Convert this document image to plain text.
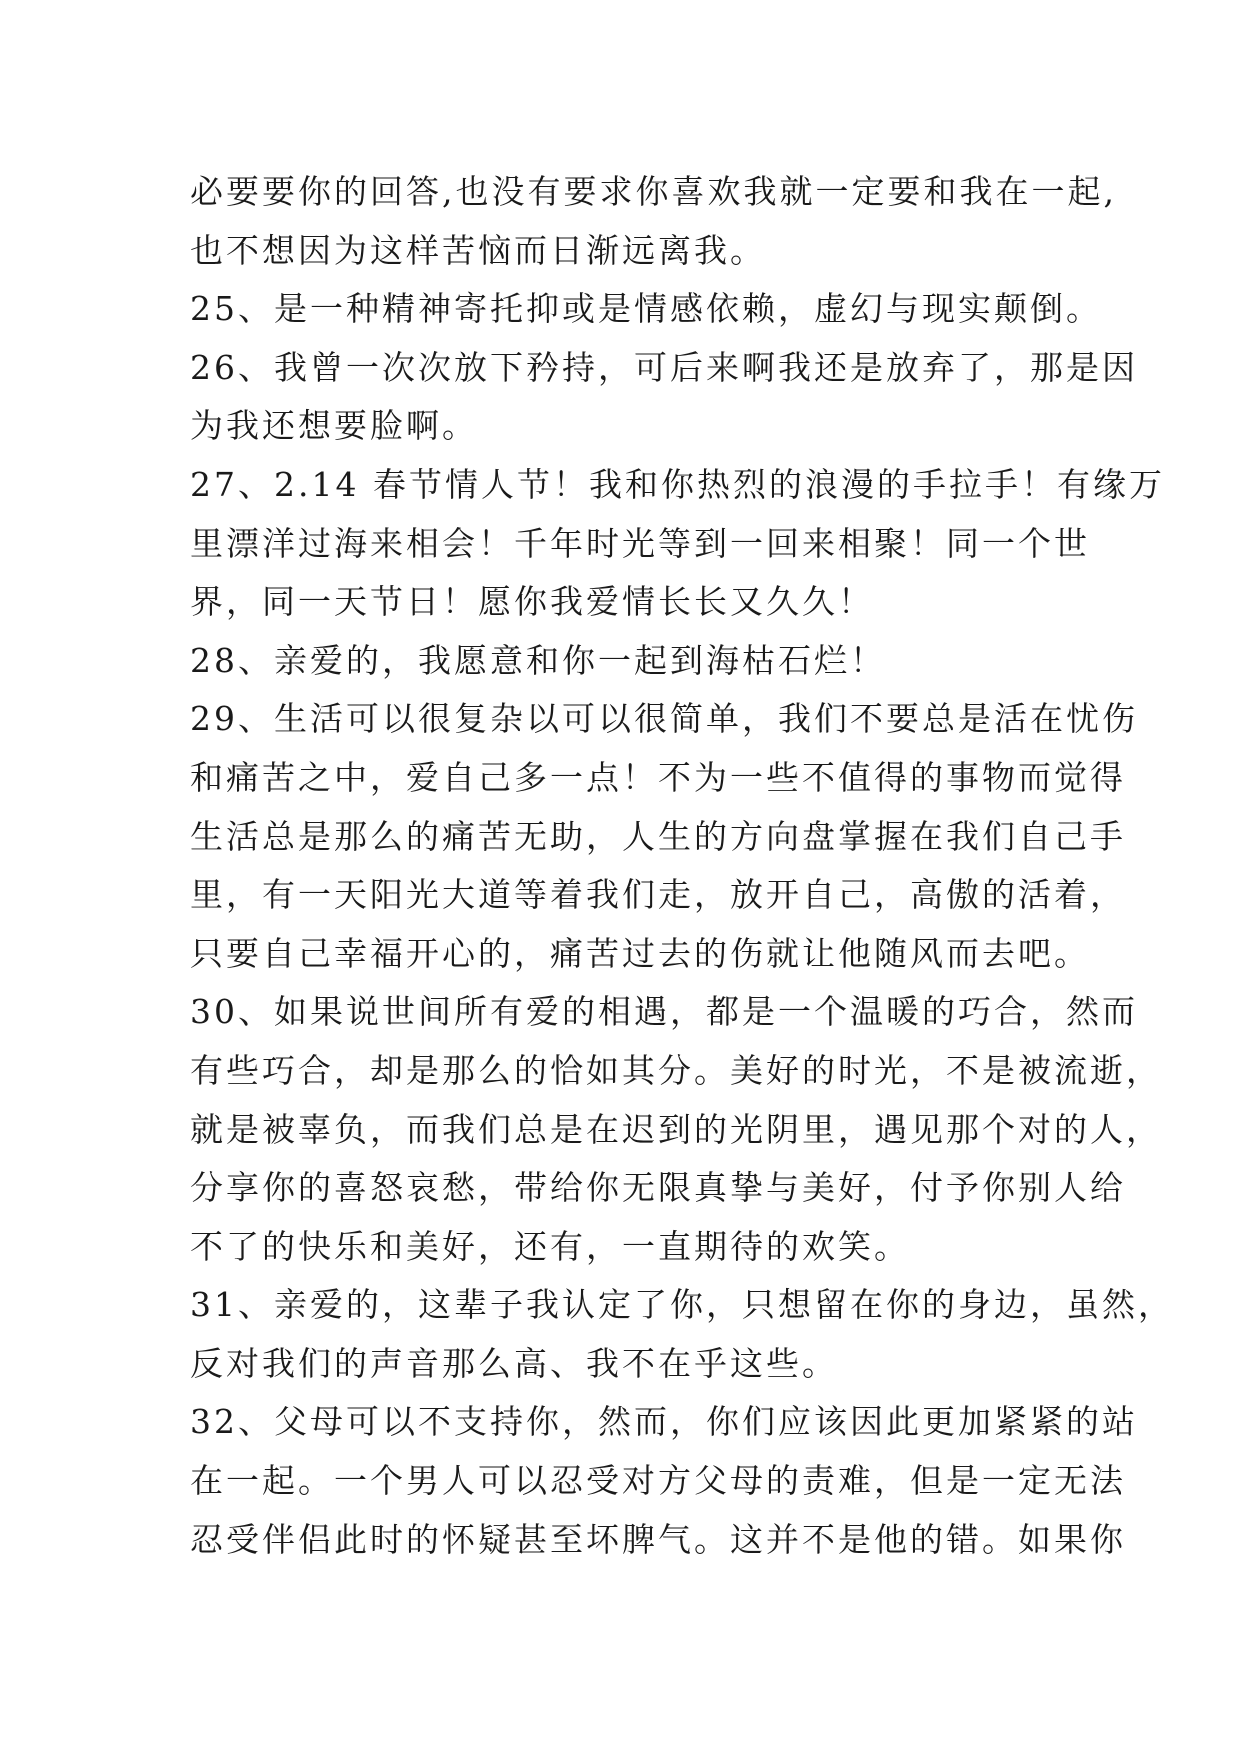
必要要你的回答,也没有要求你喜欢我就一定要和我在一起,
也不想因为这样苦恼而日渐远离我。
25、是一种精神寄托抑或是情感依赖，虚幻与现实颠倒。
26、我曾一次次放下矜持，可后来啊我还是放弃了，那是因
为我还想要脸啊。
27、2.14 春节情人节！我和你热烈的浪漫的手拉手！有缘万
里漂洋过海来相会！千年时光等到一回来相聚！同一个世
界，同一天节日！愿你我爱情长长又久久！
28、亲爱的，我愿意和你一起到海枯石烂！
29、生活可以很复杂以可以很简单，我们不要总是活在忧伤
和痛苦之中，爱自己多一点！不为一些不值得的事物而觉得
生活总是那么的痛苦无助，人生的方向盘掌握在我们自己手
里，有一天阳光大道等着我们走，放开自己，高傲的活着，
只要自己幸福开心的，痛苦过去的伤就让他随风而去吧。
30、如果说世间所有爱的相遇，都是一个温暖的巧合，然而
有些巧合，却是那么的恰如其分。美好的时光，不是被流逝，
就是被辜负，而我们总是在迟到的光阴里，遇见那个对的人，
分享你的喜怒哀愁，带给你无限真挚与美好，付予你别人给
不了的快乐和美好，还有，一直期待的欢笑。
31、亲爱的，这辈子我认定了你，只想留在你的身边，虽然，
反对我们的声音那么高、我不在乎这些。
32、父母可以不支持你，然而，你们应该因此更加紧紧的站
在一起。一个男人可以忍受对方父母的责难，但是一定无法
忍受伴侣此时的怀疑甚至坏脾气。这并不是他的错。如果你
